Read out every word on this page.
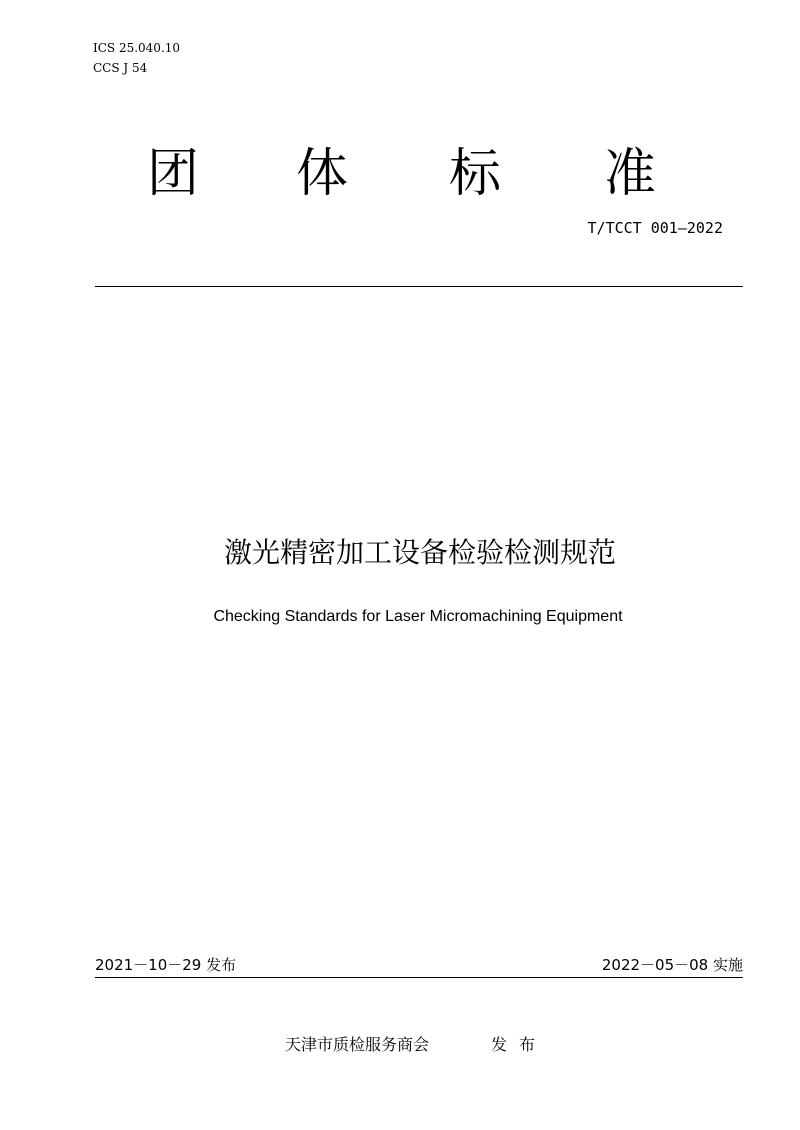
ICS 25.040.10

CCS J 54

团 体 标 准

T/TCCT 001—2022

激光精密加工设备检验检测规范

Checking Standards for Laser Micromachining Equipment

2021－10－29 发布	2022－05－08 实施

天津市质检服务商会	发布
